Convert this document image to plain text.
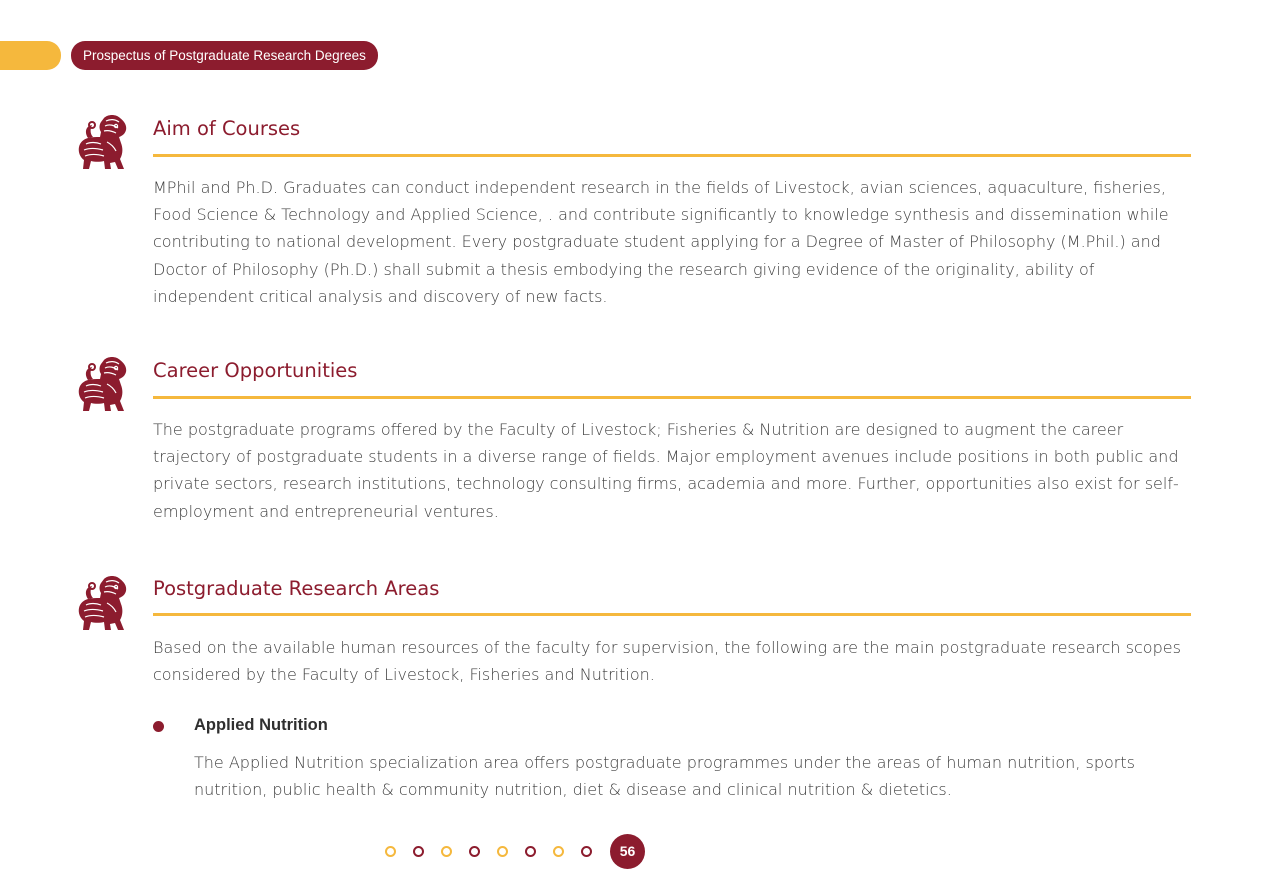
Prospectus of Postgraduate Research Degrees
Aim of Courses

MPhil and Ph.D. Graduates can conduct independent research in the fields of Livestock, avian sciences, aquaculture, fisheries, Food Science & Technology and Applied Science, . and contribute significantly to knowledge synthesis and dissemination while contributing to national development. Every postgraduate student applying for a Degree of Master of Philosophy (M.Phil.) and Doctor of Philosophy (Ph.D.) shall submit a thesis embodying the research giving evidence of the originality, ability of independent critical analysis and discovery of new facts.

Career Opportunities

The postgraduate programs offered by the Faculty of Livestock; Fisheries & Nutrition are designed to augment the career trajectory of postgraduate students in a diverse range of fields. Major employment avenues include positions in both public and private sectors, research institutions, technology consulting firms, academia and more. Further, opportunities also exist for self-employment and entrepreneurial ventures.

Postgraduate Research Areas

Based on the available human resources of the faculty for supervision, the following are the main postgraduate research scopes considered by the Faculty of Livestock, Fisheries and Nutrition.

Applied Nutrition

The Applied Nutrition specialization area offers postgraduate programmes under the areas of human nutrition, sports nutrition, public health & community nutrition, diet & disease and clinical nutrition & dietetics.

56
